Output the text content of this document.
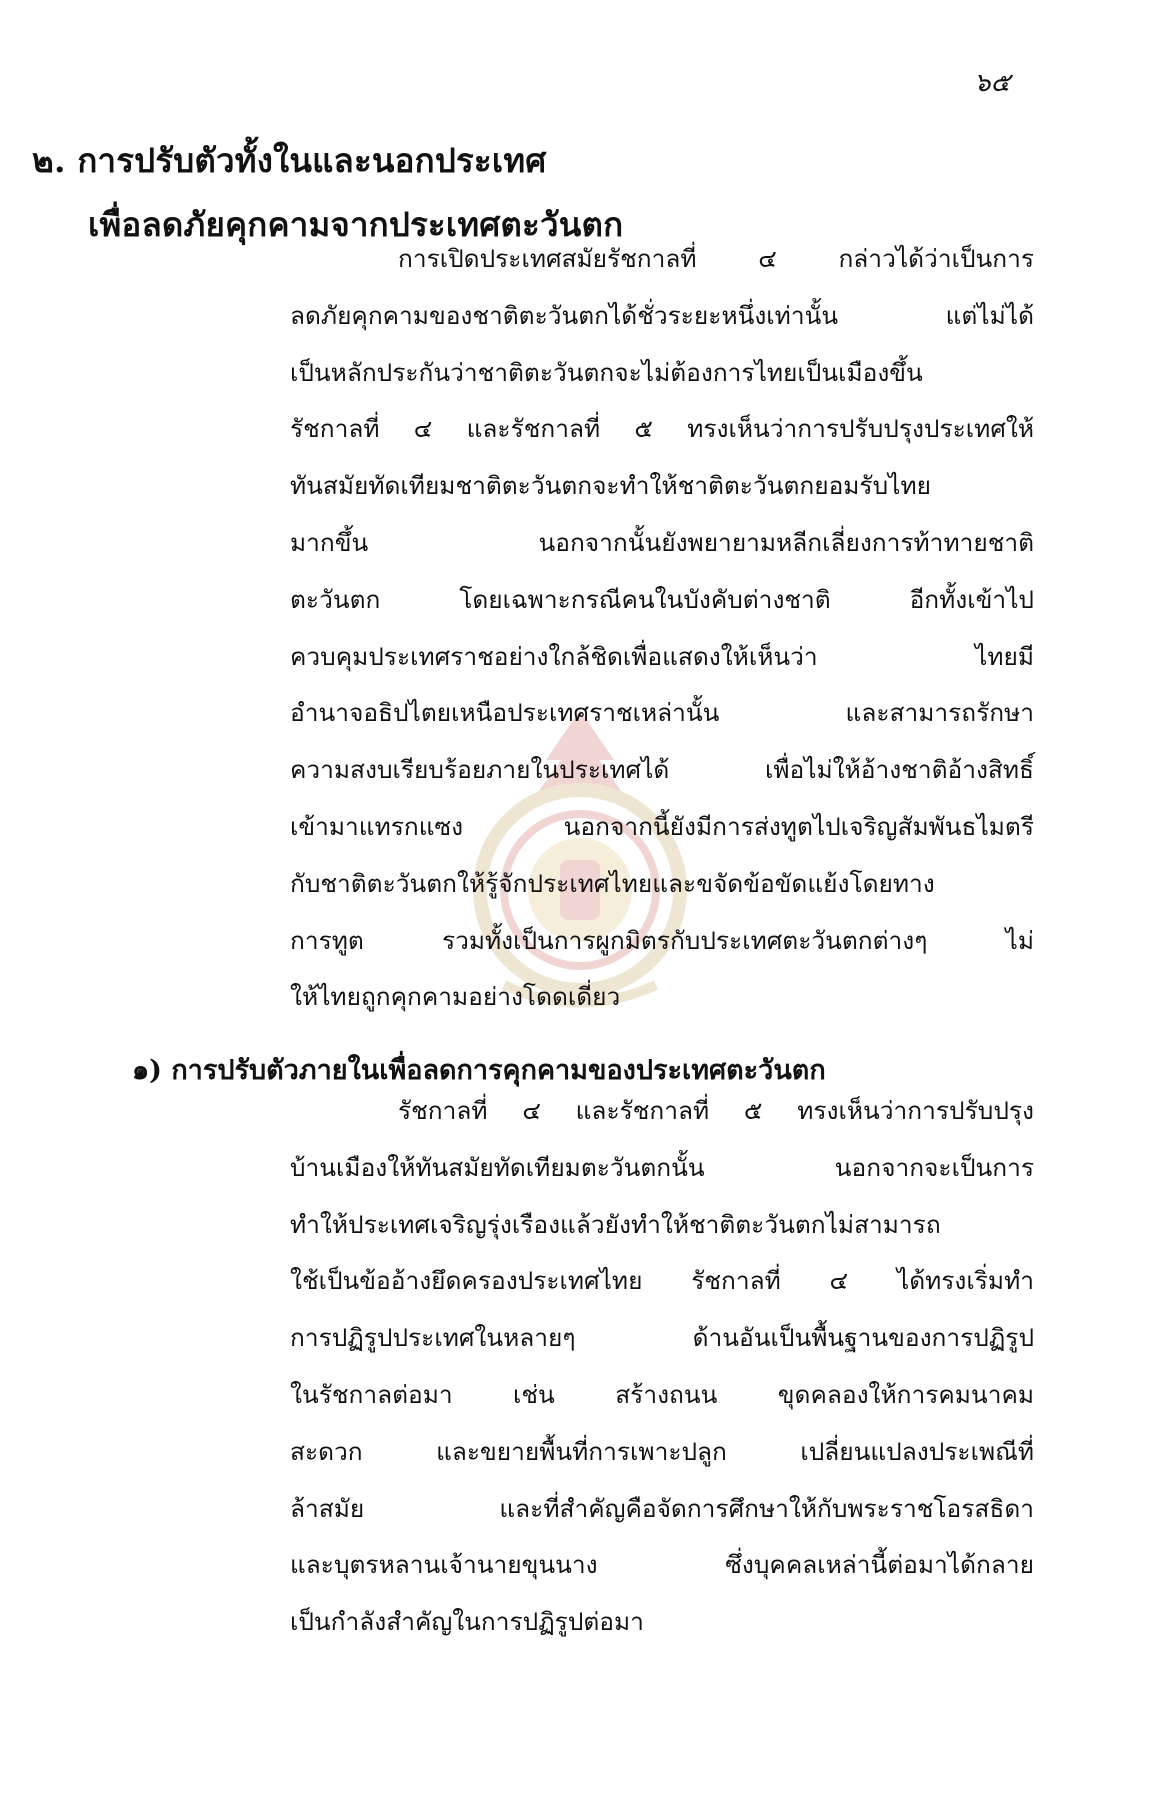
๖๕
๒. การปรับตัวทั้งในและนอกประเทศ
เพื่อลดภัยคุกคามจากประเทศตะวันตก
การเปิดประเทศสมัยรัชกาลที่ ๔ กล่าวได้ว่าเป็นการ
ลดภัยคุกคามของชาติตะวันตกได้ชั่วระยะหนึ่งเท่านั้น แต่ไม่ได้
เป็นหลักประกันว่าชาติตะวันตกจะไม่ต้องการไทยเป็นเมืองขึ้น
รัชกาลที่ ๔ และรัชกาลที่ ๕ ทรงเห็นว่าการปรับปรุงประเทศให้
ทันสมัยทัดเทียมชาติตะวันตกจะทำให้ชาติตะวันตกยอมรับไทย
มากขึ้น นอกจากนั้นยังพยายามหลีกเลี่ยงการท้าทายชาติ
ตะวันตก โดยเฉพาะกรณีคนในบังคับต่างชาติ อีกทั้งเข้าไป
ควบคุมประเทศราชอย่างใกล้ชิดเพื่อแสดงให้เห็นว่า ไทยมี
อำนาจอธิปไตยเหนือประเทศราชเหล่านั้น และสามารถรักษา
ความสงบเรียบร้อยภายในประเทศได้ เพื่อไม่ให้อ้างชาติอ้างสิทธิ์
เข้ามาแทรกแซง นอกจากนี้ยังมีการส่งทูตไปเจริญสัมพันธไมตรี
กับชาติตะวันตกให้รู้จักประเทศไทยและขจัดข้อขัดแย้งโดยทาง
การทูต รวมทั้งเป็นการผูกมิตรกับประเทศตะวันตกต่างๆ ไม่
ให้ไทยถูกคุกคามอย่างโดดเดี่ยว
๑) การปรับตัวภายในเพื่อลดการคุกคามของประเทศตะวันตก
รัชกาลที่ ๔ และรัชกาลที่ ๕ ทรงเห็นว่าการปรับปรุง
บ้านเมืองให้ทันสมัยทัดเทียมตะวันตกนั้น นอกจากจะเป็นการ
ทำให้ประเทศเจริญรุ่งเรืองแล้วยังทำให้ชาติตะวันตกไม่สามารถ
ใช้เป็นข้ออ้างยึดครองประเทศไทย รัชกาลที่ ๔ ได้ทรงเริ่มทำ
การปฏิรูปประเทศในหลายๆ ด้านอันเป็นพื้นฐานของการปฏิรูป
ในรัชกาลต่อมา เช่น สร้างถนน ขุดคลองให้การคมนาคม
สะดวก และขยายพื้นที่การเพาะปลูก เปลี่ยนแปลงประเพณีที่
ล้าสมัย และที่สำคัญคือจัดการศึกษาให้กับพระราชโอรสธิดา
และบุตรหลานเจ้านายขุนนาง ซึ่งบุคคลเหล่านี้ต่อมาได้กลาย
เป็นกำลังสำคัญในการปฏิรูปต่อมา
